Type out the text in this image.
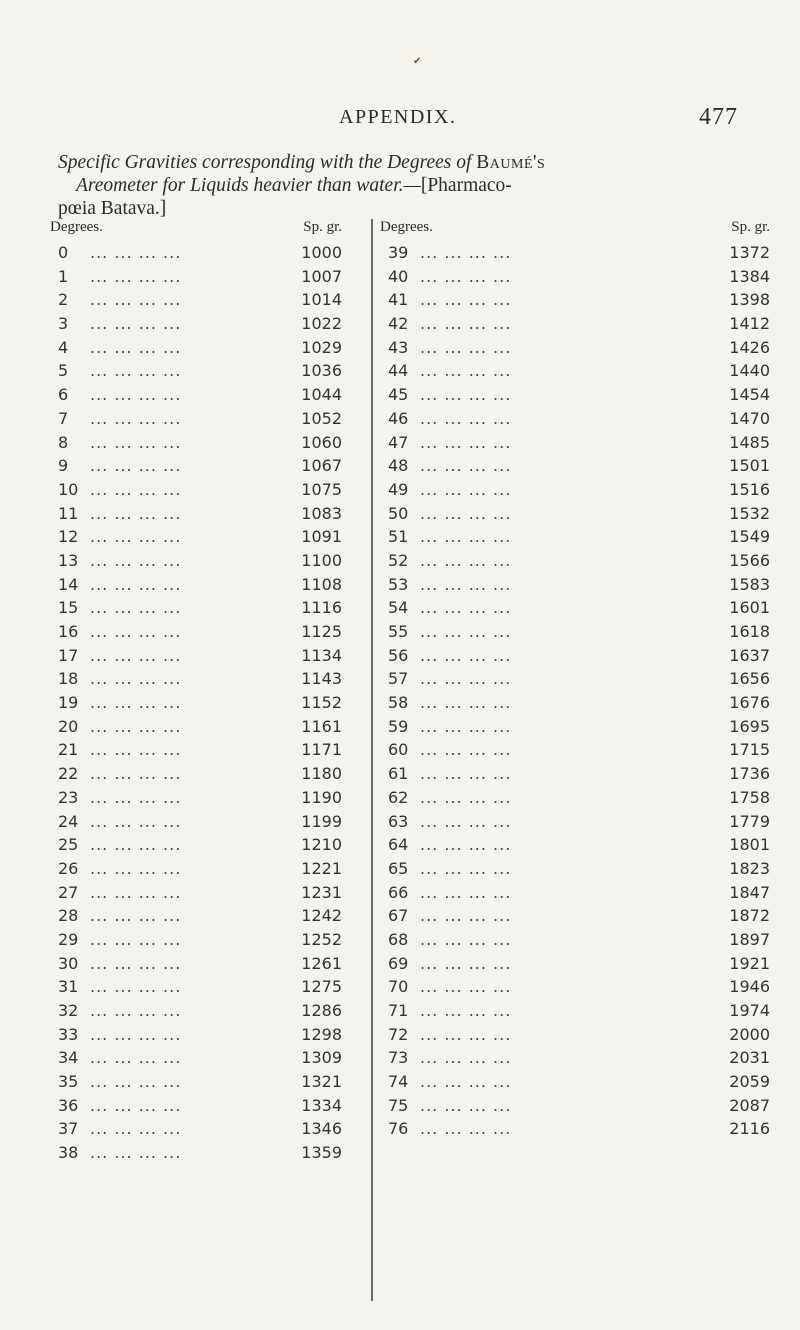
APPENDIX.	477
✔

Specific Gravities corresponding with the Degrees of Baumé's

Areometer for Liquids heavier than water.—[Pharmaco-

pœia Batava.]

Degrees.	Sp. gr.
0 ... ... ... ...	1000
1 ... ... ... ...	1007
2 ... ... ... ...	1014
3 ... ... ... ...	1022
4 ... ... ... ...	1029
5 ... ... ... ...	1036
6 ... ... ... ...	1044
7 ... ... ... ...	1052
8 ... ... ... ...	1060
9 ... ... ... ...	1067
10 ... ... ... ...	1075
11 ... ... ... ...	1083
12 ... ... ... ...	1091
13 ... ... ... ...	1100
14 ... ... ... ...	1108
15 ... ... ... ...	1116
16 ... ... ... ...	1125
17 ... ... ... ...	1134
18 ... ... ... ...	1143
19 ... ... ... ...	1152
20 ... ... ... ...	1161
21 ... ... ... ...	1171
22 ... ... ... ...	1180
23 ... ... ... ...	1190
24 ... ... ... ...	1199
25 ... ... ... ...	1210
26 ... ... ... ...	1221
27 ... ... ... ...	1231
28 ... ... ... ...	1242
29 ... ... ... ...	1252
30 ... ... ... ...	1261
31 ... ... ... ...	1275
32 ... ... ... ...	1286
33 ... ... ... ...	1298
34 ... ... ... ...	1309
35 ... ... ... ...	1321
36 ... ... ... ...	1334
37 ... ... ... ...	1346
38 ... ... ... ...	1359
Degrees.	Sp. gr.
39 ... ... ... ...	1372
40 ... ... ... ...	1384
41 ... ... ... ...	1398
42 ... ... ... ...	1412
43 ... ... ... ...	1426
44 ... ... ... ...	1440
45 ... ... ... ...	1454
46 ... ... ... ...	1470
47 ... ... ... ...	1485
48 ... ... ... ...	1501
49 ... ... ... ...	1516
50 ... ... ... ...	1532
51 ... ... ... ...	1549
52 ... ... ... ...	1566
53 ... ... ... ...	1583
54 ... ... ... ...	1601
55 ... ... ... ...	1618
56 ... ... ... ...	1637
57 ... ... ... ...	1656
58 ... ... ... ...	1676
59 ... ... ... ...	1695
60 ... ... ... ...	1715
61 ... ... ... ...	1736
62 ... ... ... ...	1758
63 ... ... ... ...	1779
64 ... ... ... ...	1801
65 ... ... ... ...	1823
66 ... ... ... ...	1847
67 ... ... ... ...	1872
68 ... ... ... ...	1897
69 ... ... ... ...	1921
70 ... ... ... ...	1946
71 ... ... ... ...	1974
72 ... ... ... ...	2000
73 ... ... ... ...	2031
74 ... ... ... ...	2059
75 ... ... ... ...	2087
76 ... ... ... ...	2116
